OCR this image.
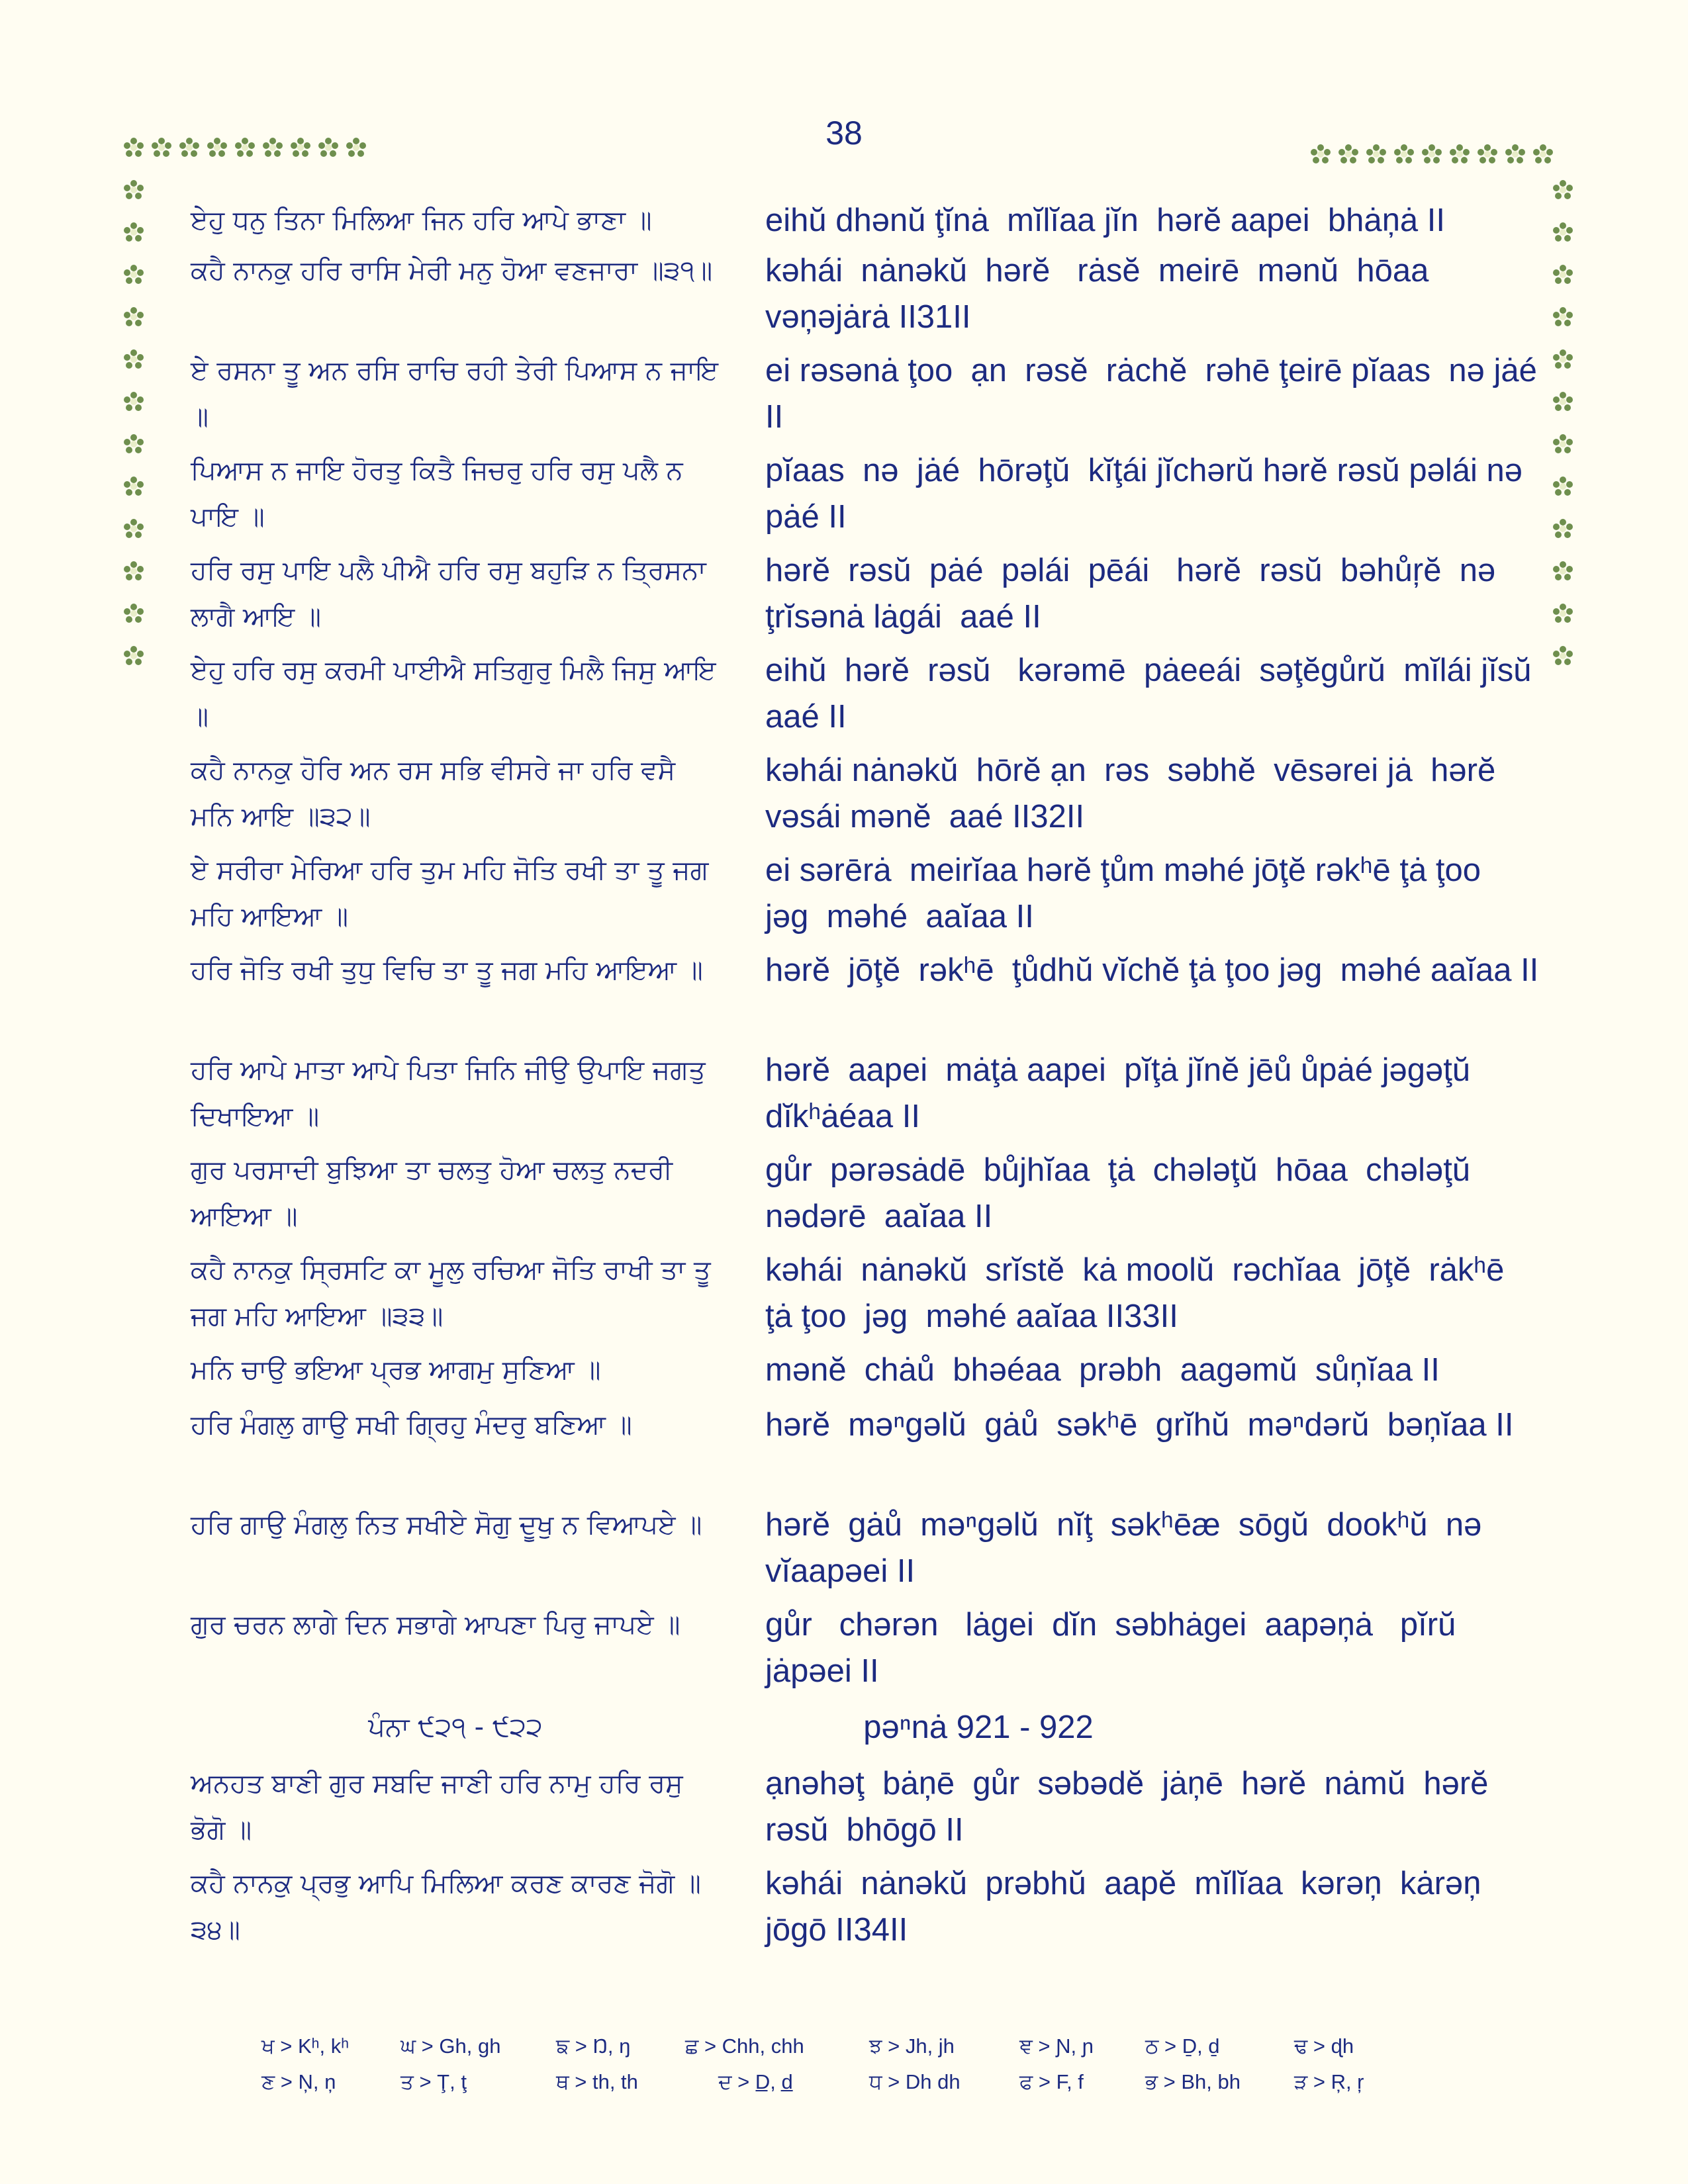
38
ਏਹੁ ਧਨੁ ਤਿਨਾ ਮਿਲਿਆ ਜਿਨ ਹਰਿ ਆਪੇ ਭਾਣਾ ॥	eihŭ dhənŭ ţĭnȧ  mĭlĭaa jĭn  hərĕ aapei  bhȧņȧ II
ਕਹੈ ਨਾਨਕੁ ਹਰਿ ਰਾਸਿ ਮੇਰੀ ਮਨੁ ਹੋਆ ਵਣਜਾਰਾ ॥੩੧॥ kəhái  nȧnəkŭ  hərĕ   rȧsĕ  meirē  mənŭ  hōaa vəņəjȧrȧ II31II
ਏ ਰਸਨਾ ਤੂ ਅਨ ਰਸਿ ਰਾਚਿ ਰਹੀ ਤੇਰੀ ਪਿਆਸ ਨ ਜਾਇ ॥
ei rəsənȧ ţoo  ạn  rəsĕ  rȧchĕ  rəhē ţeirē pĭaas  nə jȧé II
ਪਿਆਸ ਨ ਜਾਇ ਹੋਰਤੁ ਕਿਤੈ ਜਿਚਰੁ ਹਰਿ ਰਸੁ ਪਲੈ ਨ ਪਾਇ ॥
pĭaas  nə  jȧé  hōrəţŭ  kĭţái jĭchərŭ hərĕ rəsŭ pəlái nə  pȧé II
ਹਰਿ ਰਸੁ ਪਾਇ ਪਲੈ ਪੀਐ ਹਰਿ ਰਸੁ ਬਹੁੜਿ ਨ ਤ੍ਰਿਸਨਾ ਲਾਗੈ ਆਇ ॥
hərĕ  rəsŭ  pȧé  pəlái  pēái   hərĕ  rəsŭ  bəhůŗĕ  nə ţrĭsənȧ lȧgái  aaé II
ਏਹੁ ਹਰਿ ਰਸੁ ਕਰਮੀ ਪਾਈਐ ਸਤਿਗੁਰੁ ਮਿਲੈ ਜਿਸੁ ਆਇ ॥
eihŭ  hərĕ  rəsŭ   kərəmē  pȧeeái  səţĕgůrŭ  mĭlái jĭsŭ  aaé II
ਕਹੈ ਨਾਨਕੁ ਹੋਰਿ ਅਨ ਰਸ ਸਭਿ ਵੀਸਰੇ ਜਾ ਹਰਿ ਵਸੈ ਮਨਿ ਆਇ ॥੩੨॥
kəhái nȧnəkŭ  hōrĕ ạn  rəs  səbhĕ  vēsərei jȧ  hərĕ vəsái mənĕ  aaé II32II
ਏ ਸਰੀਰਾ ਮੇਰਿਆ ਹਰਿ ਤੁਮ ਮਹਿ ਜੋਤਿ ਰਖੀ ਤਾ ਤੂ ਜਗ ਮਹਿ ਆਇਆ ॥
ei sərērȧ  meirĭaa hərĕ ţům məhé jōţĕ rəkʰē ţȧ ţoo  jəg  məhé  aaĭaa II
ਹਰਿ ਜੋਤਿ ਰਖੀ ਤੁਧੁ ਵਿਚਿ ਤਾ ਤੂ ਜਗ ਮਹਿ ਆਇਆ ॥	hərĕ  jōţĕ  rəkʰē  ţůdhŭ vĭchĕ ţȧ ţoo jəg  məhé aaĭaa II
ਹਰਿ ਆਪੇ ਮਾਤਾ ਆਪੇ ਪਿਤਾ ਜਿਨਿ ਜੀਉ ਉਪਾਇ ਜਗਤੁ ਦਿਖਾਇਆ ॥
hərĕ  aapei  mȧţȧ aapei  pĭţȧ jĭnĕ jēů ůpȧé jəgəţŭ dĭkʰȧéaa II
ਗੁਰ ਪਰਸਾਦੀ ਬੁਝਿਆ ਤਾ ਚਲਤੁ ਹੋਆ ਚਲਤੁ ਨਦਰੀ ਆਇਆ ॥
gůr  pərəsȧdē  bůjhĭaa  ţȧ  chələţŭ  hōaa  chələţŭ nədərē  aaĭaa II
ਕਹੈ ਨਾਨਕੁ ਸ੍ਰਿਸਟਿ ਕਾ ਮੂਲੁ ਰਚਿਆ ਜੋਤਿ ਰਾਖੀ ਤਾ ਤੂ ਜਗ ਮਹਿ ਆਇਆ ॥੩੩॥
kəhái  nȧnəkŭ  srĭstĕ  kȧ moolŭ  rəchĭaa  jōţĕ  rȧkʰē ţȧ ţoo  jəg  məhé aaĭaa II33II
ਮਨਿ ਚਾਉ ਭਇਆ ਪ੍ਰਭ ਆਗਮੁ ਸੁਣਿਆ ॥	mənĕ  chȧů  bhəéaa  prəbh  aagəmŭ  sůņĭaa II
ਹਰਿ ਮੰਗਲੁ ਗਾਉ ਸਖੀ ਗ੍ਰਿਹੁ ਮੰਦਰੁ ਬਣਿਆ ॥	hərĕ  məⁿgəlŭ  gȧů  səkʰē  grĭhŭ  məⁿdərŭ  bəņĭaa II
ਹਰਿ ਗਾਉ ਮੰਗਲੁ ਨਿਤ ਸਖੀਏ ਸੋਗੁ ਦੂਖੁ ਨ ਵਿਆਪਏ ॥	hərĕ  gȧů  məⁿgəlŭ  nĭţ  səkʰēæ  sōgŭ  dookʰŭ  nə vĭaapəei II
ਗੁਰ ਚਰਨ ਲਾਗੇ ਦਿਨ ਸਭਾਗੇ ਆਪਣਾ ਪਿਰੁ ਜਾਪਏ ॥	gůr   chərən   lȧgei  dĭn  səbhȧgei  aapəņȧ   pĭrŭ jȧpəei II
ਪੰਨਾ ੯੨੧ - ੯੨੨	pəⁿnȧ 921 - 922
ਅਨਹਤ ਬਾਣੀ ਗੁਰ ਸਬਦਿ ਜਾਣੀ ਹਰਿ ਨਾਮੁ ਹਰਿ ਰਸੁ ਭੋਗੋ ॥
ạnəhəţ  bȧņē  gůr  səbədĕ  jȧņē  hərĕ  nȧmŭ  hərĕ rəsŭ  bhōgō II
ਕਹੈ ਨਾਨਕੁ ਪ੍ਰਭੁ ਆਪਿ ਮਿਲਿਆ ਕਰਣ ਕਾਰਣ ਜੋਗੋ ॥੩੪॥
kəhái  nȧnəkŭ  prəbhŭ  aapĕ  mĭlĭaa  kərəņ  kȧrəņ jōgō II34II
ਖ > Kʰ, kʰ	ਘ > Gh, gh	ਙ > Ŋ, ŋ	ਛ > Chh, chh	ਝ > Jh, jh	ਞ > Ɲ, ɲ	ਠ > Ḏ, ḏ	ਢ > ɖh
ਣ > Ņ, ņ	ਤ > Ţ, ţ	ਥ > th, th	ਦ > D̲, d̲	ਧ > Dh dh	ਫ > F, f	ਭ > Bh, bh	ੜ > Ŗ, ŗ
